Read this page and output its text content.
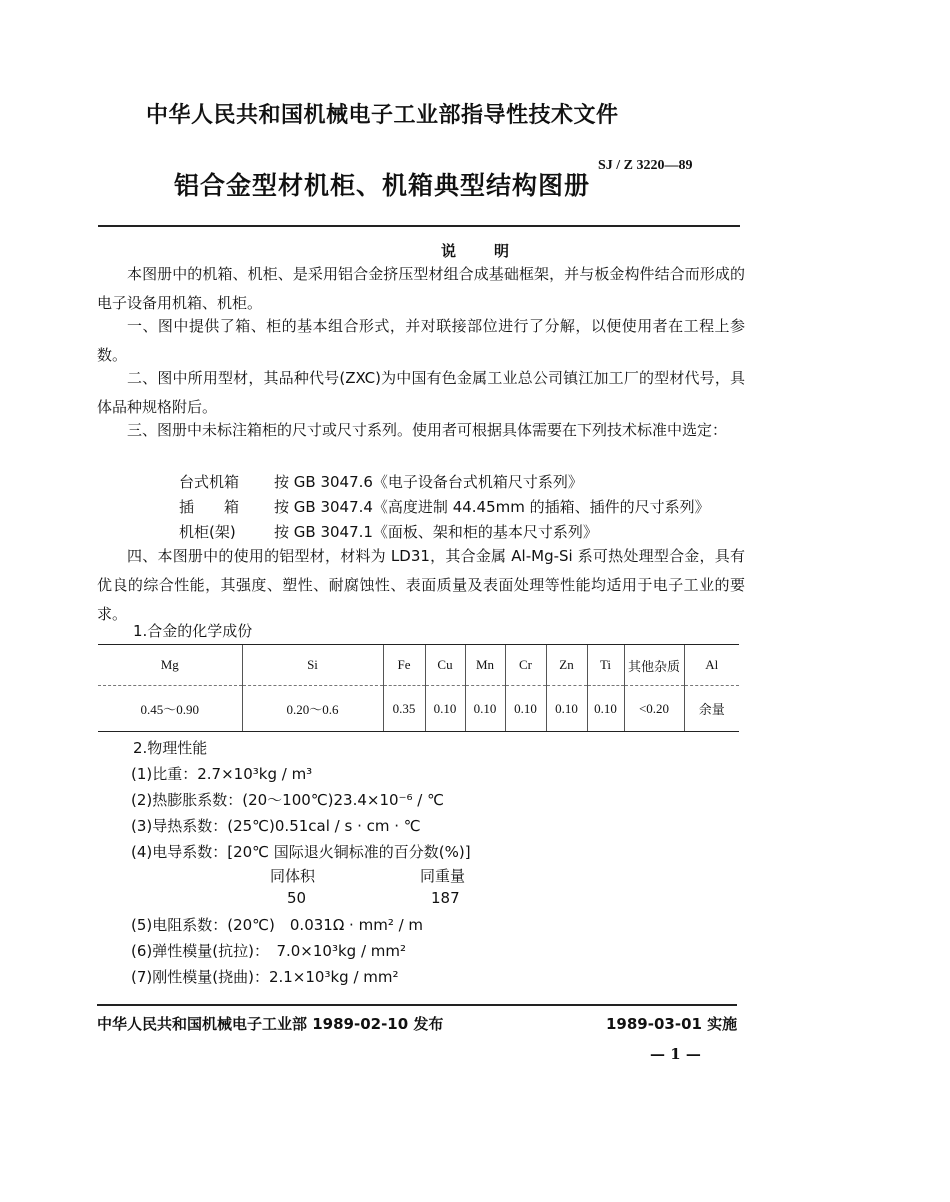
中华人民共和国机械电子工业部指导性技术文件
铝合金型材机柜、机箱典型结构图册
SJ / Z 3220—89
说明
本图册中的机箱、机柜、是采用铝合金挤压型材组合成基础框架，并与板金构件结合而形成的电子设备用机箱、机柜。
一、图中提供了箱、柜的基本组合形式，并对联接部位进行了分解，以便使用者在工程上参数。
二、图中所用型材，其品种代号(ZXC)为中国有色金属工业总公司镇江加工厂的型材代号，具体品种规格附后。
三、图册中未标注箱柜的尺寸或尺寸系列。使用者可根据具体需要在下列技术标准中选定：
台式机箱 按 GB 3047.6《电子设备台式机箱尺寸系列》
插　　箱 按 GB 3047.4《高度进制 44.45mm 的插箱、插件的尺寸系列》
机柜(架)	按 GB 3047.1《面板、架和柜的基本尺寸系列》
四、本图册中的使用的铝型材，材料为 LD31，其合金属 Al-Mg-Si 系可热处理型合金，具有优良的综合性能，其强度、塑性、耐腐蚀性、表面质量及表面处理等性能均适用于电子工业的要求。
1.合金的化学成份
Mg	Si	Fe	Cu	Mn	Cr	Zn	Ti	其他杂质	Al
0.45～0.90	0.20～0.6	0.35	0.10	0.10	0.10	0.10	0.10	<0.20	余量
2.物理性能
(1)比重：2.7×10³kg / m³
(2)热膨胀系数：(20～100℃)23.4×10⁻⁶ / ℃
(3)导热系数：(25℃)0.51cal / s · cm · ℃
(4)电导系数：[20℃ 国际退火铜标准的百分数(%)]
同体积	同重量
50	187
(5)电阻系数：(20℃)　0.031Ω · mm² / m
(6)弹性模量(抗拉)：　7.0×10³kg / mm²
(7)刚性模量(挠曲)：2.1×10³kg / mm²
中华人民共和国机械电子工业部 1989-02-10 发布	1989-03-01 实施
— 1 —
